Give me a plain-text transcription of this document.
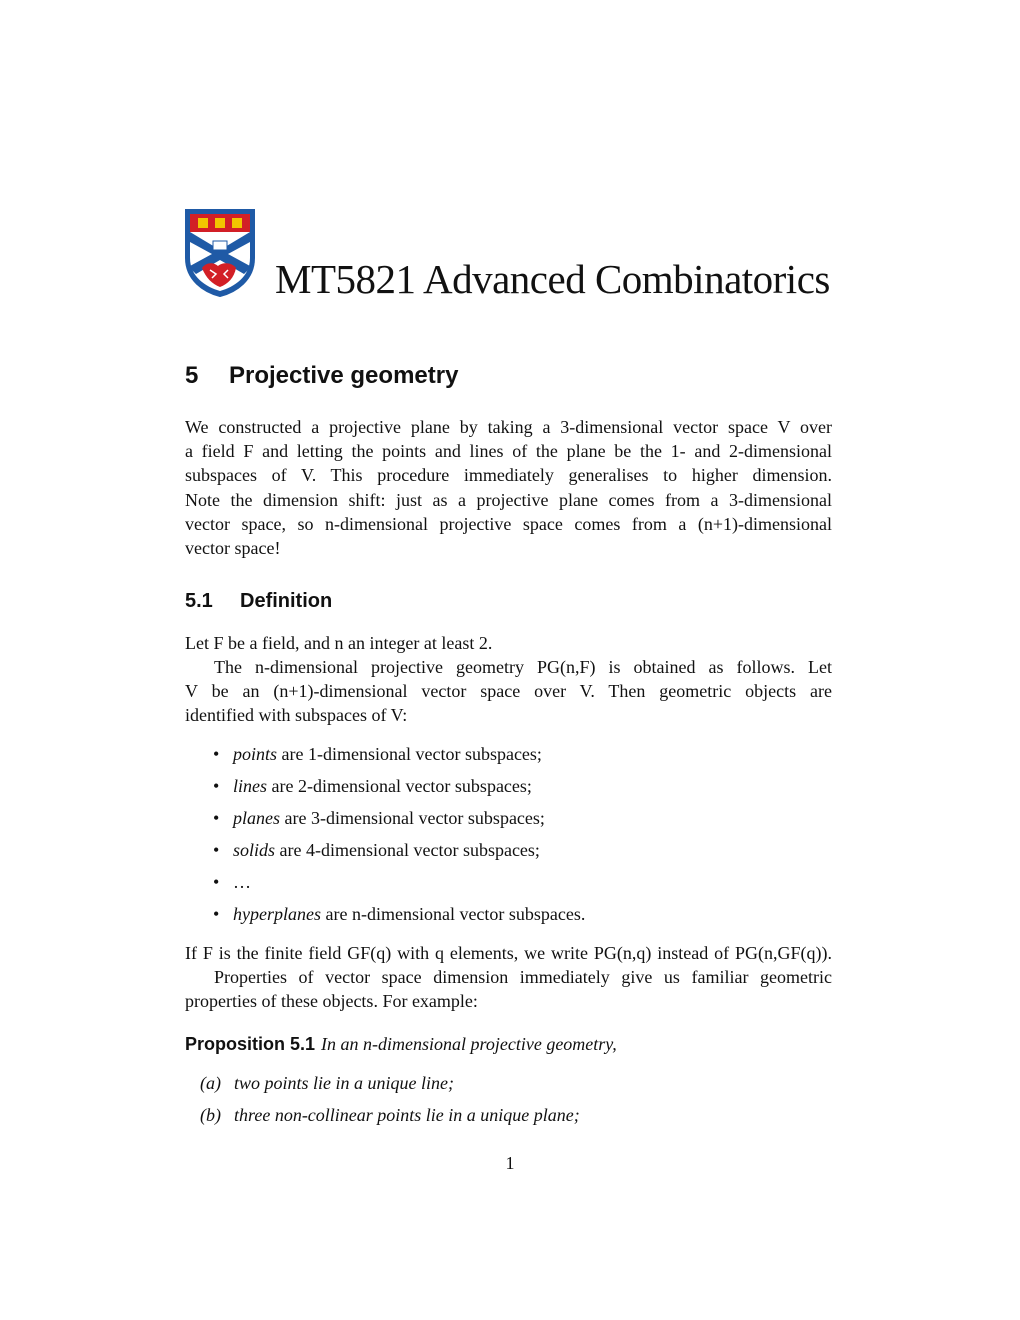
MT5821 Advanced Combinatorics
5 Projective geometry

We constructed a projective plane by taking a 3-dimensional vector space V over
a field F and letting the points and lines of the plane be the 1- and 2-dimensional
subspaces of V. This procedure immediately generalises to higher dimension.
Note the dimension shift: just as a projective plane comes from a 3-dimensional
vector space, so n-dimensional projective space comes from a (n+1)-dimensional
vector space!

5.1 Definition

Let F be a field, and n an integer at least 2.

The n-dimensional projective geometry PG(n,F) is obtained as follows. Let
V be an (n+1)-dimensional vector space over V. Then geometric objects are
identified with subspaces of V:

• points are 1-dimensional vector subspaces;
• lines are 2-dimensional vector subspaces;
• planes are 3-dimensional vector subspaces;
• solids are 4-dimensional vector subspaces;
• …
• hyperplanes are n-dimensional vector subspaces.

If F is the finite field GF(q) with q elements, we write PG(n,q) instead of PG(n,GF(q)).
Properties of vector space dimension immediately give us familiar geometric
properties of these objects. For example:

Proposition 5.1 In an n-dimensional projective geometry,

(a) two points lie in a unique line;
(b) three non-collinear points lie in a unique plane;
1
